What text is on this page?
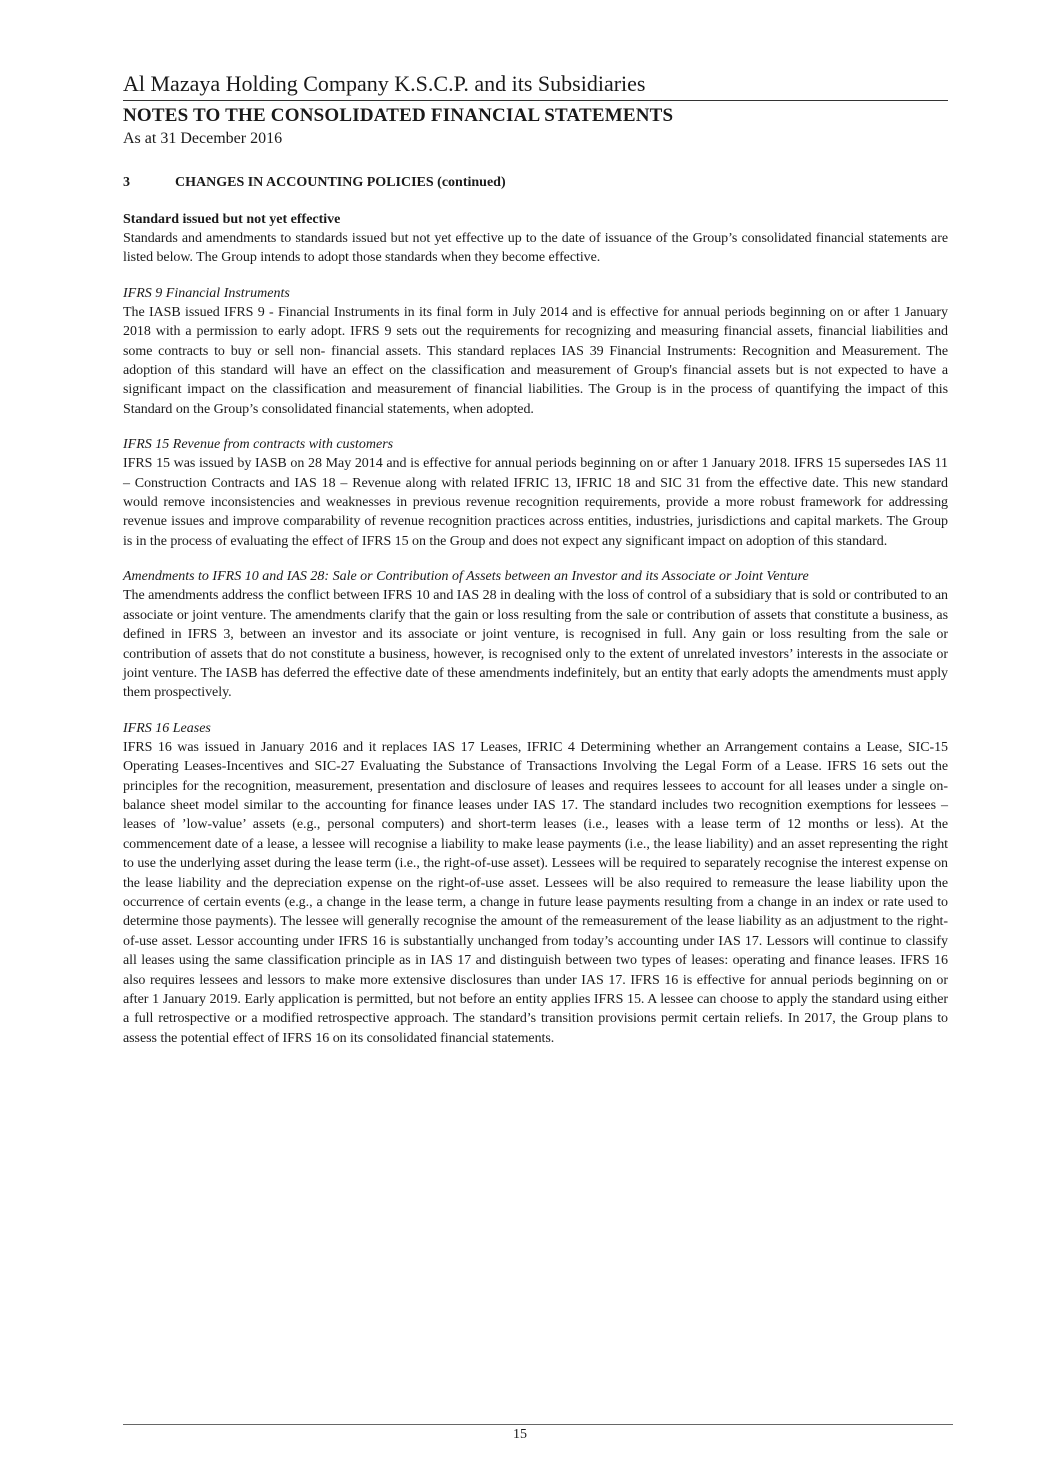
Al Mazaya Holding Company K.S.C.P. and its Subsidiaries
NOTES TO THE CONSOLIDATED FINANCIAL STATEMENTS
As at 31 December 2016
3	CHANGES IN ACCOUNTING POLICIES (continued)
Standard issued but not yet effective

Standards and amendments to standards issued but not yet effective up to the date of issuance of the Group’s consolidated financial statements are listed below. The Group intends to adopt those standards when they become effective.

IFRS 9 Financial Instruments

The IASB issued IFRS 9 - Financial Instruments in its final form in July 2014 and is effective for annual periods beginning on or after 1 January 2018 with a permission to early adopt. IFRS 9 sets out the requirements for recognizing and measuring financial assets, financial liabilities and some contracts to buy or sell non- financial assets. This standard replaces IAS 39 Financial Instruments: Recognition and Measurement. The adoption of this standard will have an effect on the classification and measurement of Group's financial assets but is not expected to have a significant impact on the classification and measurement of financial liabilities. The Group is in the process of quantifying the impact of this Standard on the Group’s consolidated financial statements, when adopted.

IFRS 15 Revenue from contracts with customers

IFRS 15 was issued by IASB on 28 May 2014 and is effective for annual periods beginning on or after 1 January 2018. IFRS 15 supersedes IAS 11 – Construction Contracts and IAS 18 – Revenue along with related IFRIC 13, IFRIC 18 and SIC 31 from the effective date. This new standard would remove inconsistencies and weaknesses in previous revenue recognition requirements, provide a more robust framework for addressing revenue issues and improve comparability of revenue recognition practices across entities, industries, jurisdictions and capital markets. The Group is in the process of evaluating the effect of IFRS 15 on the Group and does not expect any significant impact on adoption of this standard.

Amendments to IFRS 10 and IAS 28: Sale or Contribution of Assets between an Investor and its Associate or Joint Venture

The amendments address the conflict between IFRS 10 and IAS 28 in dealing with the loss of control of a subsidiary that is sold or contributed to an associate or joint venture. The amendments clarify that the gain or loss resulting from the sale or contribution of assets that constitute a business, as defined in IFRS 3, between an investor and its associate or joint venture, is recognised in full. Any gain or loss resulting from the sale or contribution of assets that do not constitute a business, however, is recognised only to the extent of unrelated investors’ interests in the associate or joint venture. The IASB has deferred the effective date of these amendments indefinitely, but an entity that early adopts the amendments must apply them prospectively.

IFRS 16 Leases

IFRS 16 was issued in January 2016 and it replaces IAS 17 Leases, IFRIC 4 Determining whether an Arrangement contains a Lease, SIC-15 Operating Leases-Incentives and SIC-27 Evaluating the Substance of Transactions Involving the Legal Form of a Lease. IFRS 16 sets out the principles for the recognition, measurement, presentation and disclosure of leases and requires lessees to account for all leases under a single on-balance sheet model similar to the accounting for finance leases under IAS 17. The standard includes two recognition exemptions for lessees – leases of ’low-value’ assets (e.g., personal computers) and short-term leases (i.e., leases with a lease term of 12 months or less). At the commencement date of a lease, a lessee will recognise a liability to make lease payments (i.e., the lease liability) and an asset representing the right to use the underlying asset during the lease term (i.e., the right-of-use asset). Lessees will be required to separately recognise the interest expense on the lease liability and the depreciation expense on the right-of-use asset. Lessees will be also required to remeasure the lease liability upon the occurrence of certain events (e.g., a change in the lease term, a change in future lease payments resulting from a change in an index or rate used to determine those payments). The lessee will generally recognise the amount of the remeasurement of the lease liability as an adjustment to the right-of-use asset. Lessor accounting under IFRS 16 is substantially unchanged from today’s accounting under IAS 17. Lessors will continue to classify all leases using the same classification principle as in IAS 17 and distinguish between two types of leases: operating and finance leases. IFRS 16 also requires lessees and lessors to make more extensive disclosures than under IAS 17. IFRS 16 is effective for annual periods beginning on or after 1 January 2019. Early application is permitted, but not before an entity applies IFRS 15. A lessee can choose to apply the standard using either a full retrospective or a modified retrospective approach. The standard’s transition provisions permit certain reliefs. In 2017, the Group plans to assess the potential effect of IFRS 16 on its consolidated financial statements.

15
